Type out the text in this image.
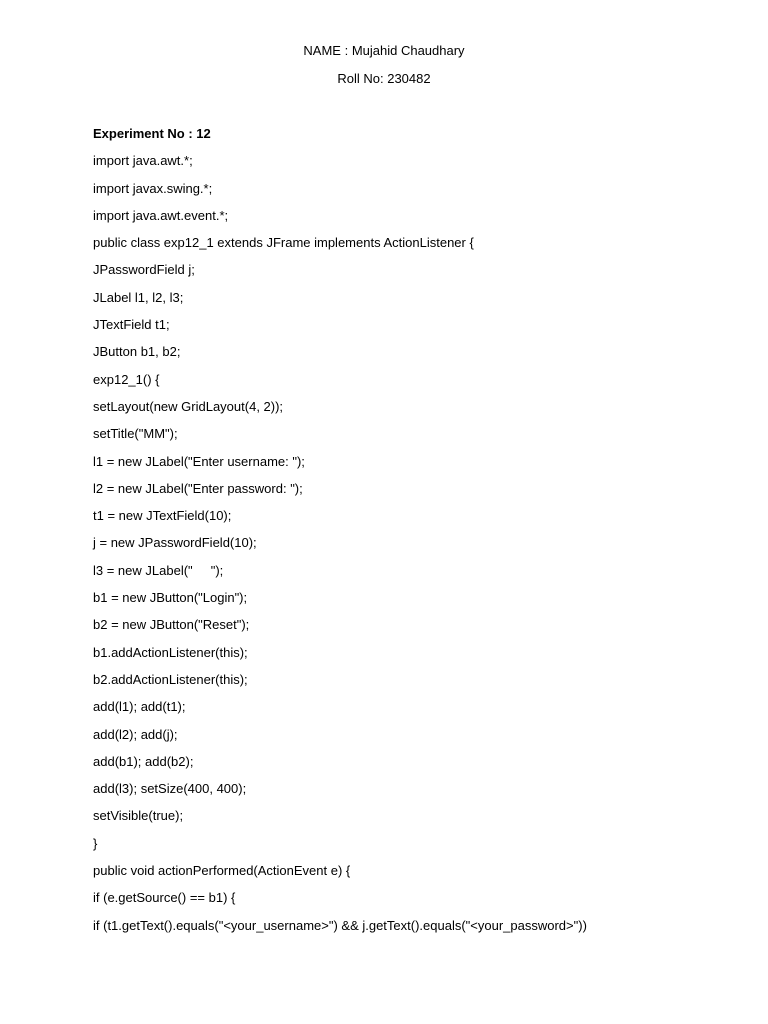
NAME : Mujahid Chaudhary
Roll No: 230482
Experiment No : 12
import java.awt.*;
import javax.swing.*;
import java.awt.event.*;
public class exp12_1 extends JFrame implements ActionListener {
JPasswordField j;
JLabel l1, l2, l3;
JTextField t1;
JButton b1, b2;
exp12_1() {
setLayout(new GridLayout(4, 2));
setTitle("MM");
l1 = new JLabel("Enter username: ");
l2 = new JLabel("Enter password: ");
t1 = new JTextField(10);
j = new JPasswordField(10);
l3 = new JLabel("     ");
b1 = new JButton("Login");
b2 = new JButton("Reset");
b1.addActionListener(this);
b2.addActionListener(this);
add(l1); add(t1);
add(l2); add(j);
add(b1); add(b2);
add(l3); setSize(400, 400);
setVisible(true);
}
public void actionPerformed(ActionEvent e) {
if (e.getSource() == b1) {
if (t1.getText().equals("<your_username>") && j.getText().equals("<your_password>"))
